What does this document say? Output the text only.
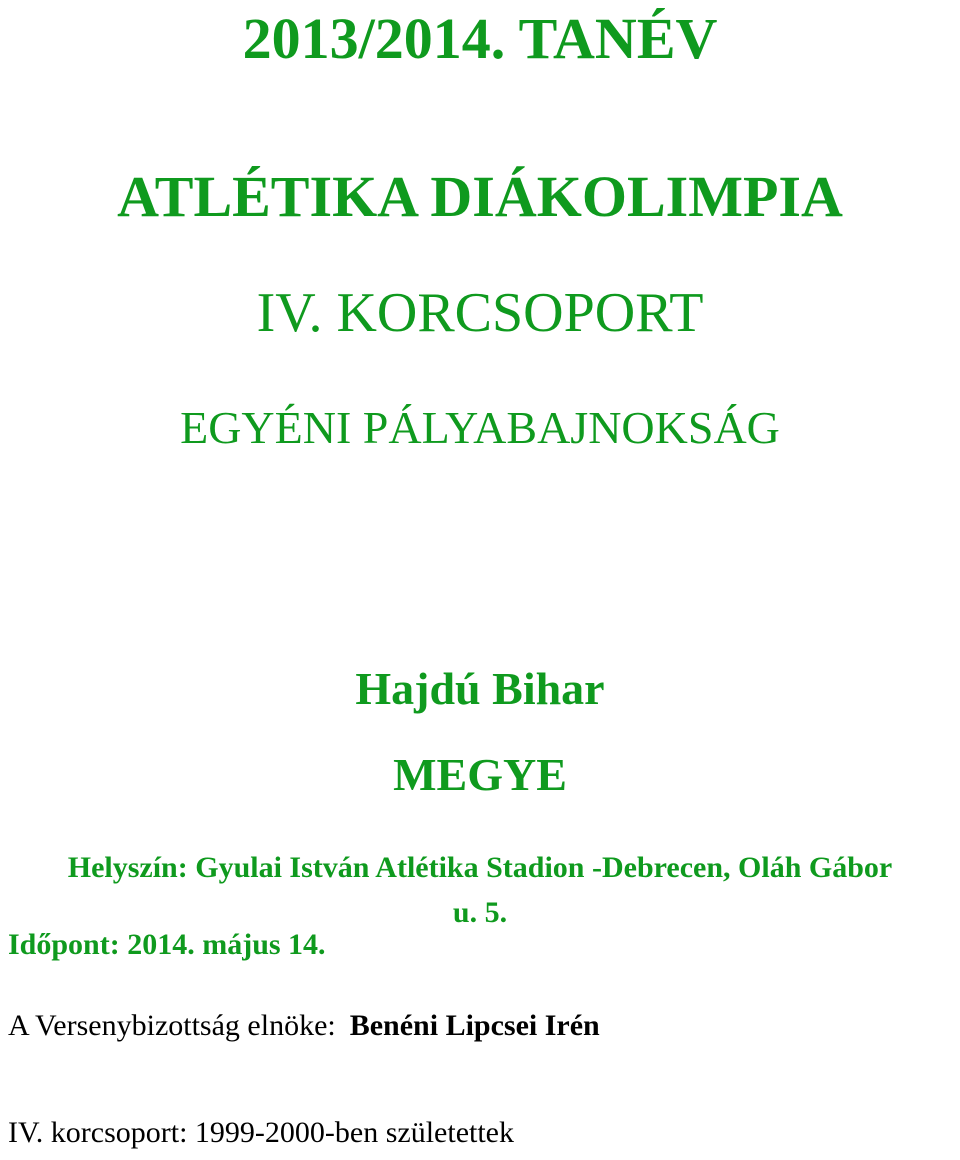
2013/2014. TANÉV
ATLÉTIKA DIÁKOLIMPIA
IV. KORCSOPORT
EGYÉNI PÁLYABAJNOKSÁG
Hajdú Bihar
MEGYE
Helyszín: Gyulai István Atlétika Stadion -Debrecen, Oláh Gábor
u. 5.
Időpont: 2014. május 14.
A Versenybizottság elnöke: Benéni Lipcsei Irén
IV. korcsoport: 1999-2000-ben születettek
